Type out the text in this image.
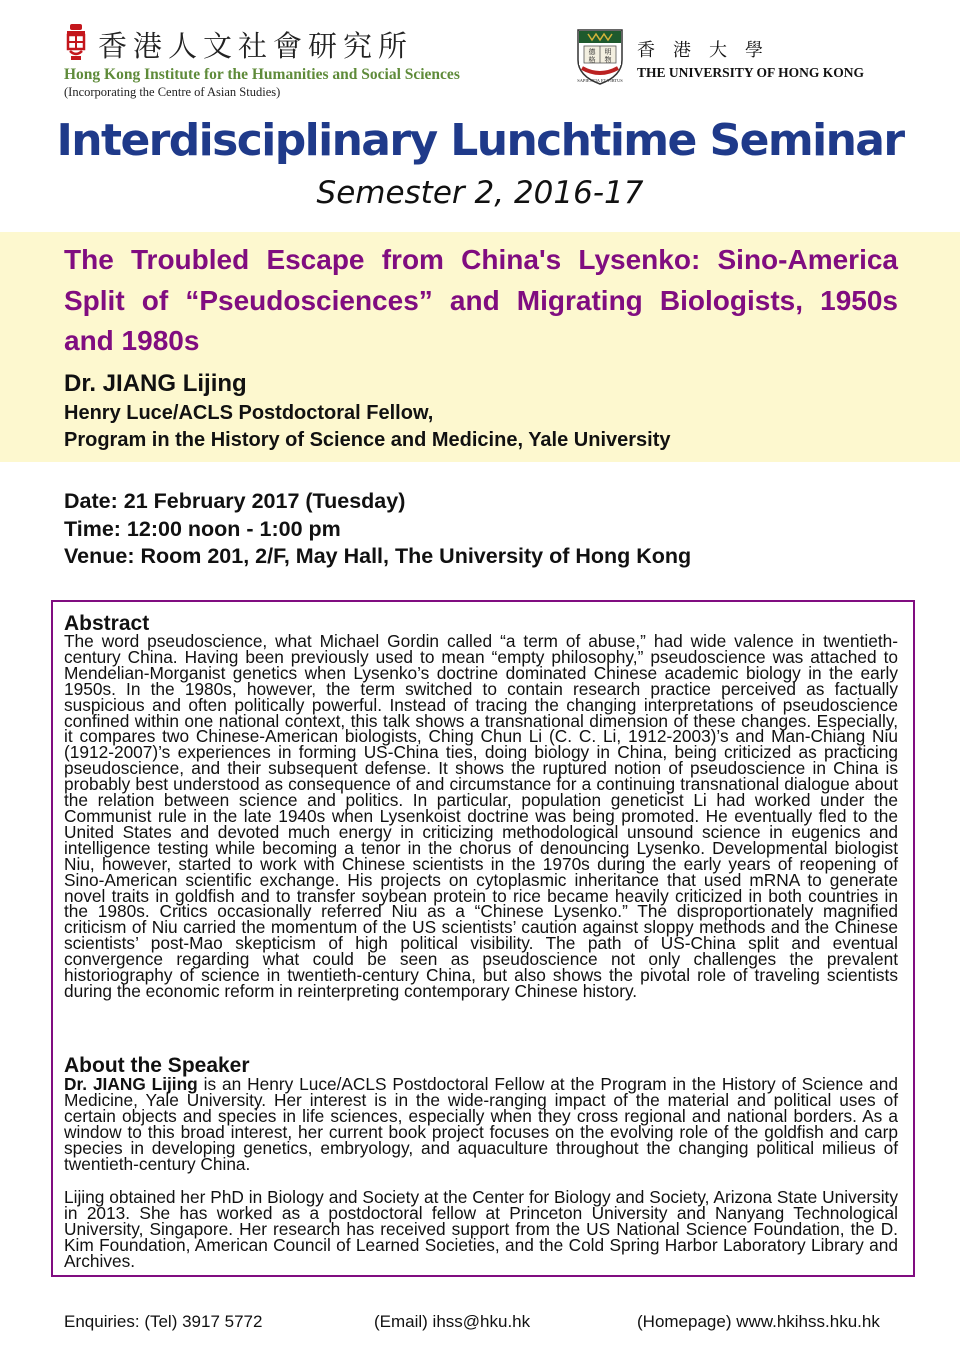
香港人文社會研究所
Hong Kong Institute for the Humanities and Social Sciences
(Incorporating the Centre of Asian Studies)
德 明
格 物
SAPIENTIA ET VIRTUS
香港大學
THE UNIVERSITY OF HONG KONG
Interdisciplinary Lunchtime Seminar
Semester 2, 2016-17
The Troubled Escape from China's Lysenko: Sino-America Split of “Pseudosciences” and Migrating Biologists, 1950s and 1980s
Dr. JIANG Lijing
Henry Luce/ACLS Postdoctoral Fellow,
Program in the History of Science and Medicine, Yale University
Date: 21 February 2017 (Tuesday)
Time: 12:00 noon - 1:00 pm
Venue: Room 201, 2/F, May Hall, The University of Hong Kong
Abstract
The word pseudoscience, what Michael Gordin called “a term of abuse,” had wide valence in twentieth-century China. Having been previously used to mean “empty philosophy,” pseudoscience was attached to Mendelian-Morganist genetics when Lysenko’s doctrine dominated Chinese academic biology in the early 1950s. In the 1980s, however, the term switched to contain research practice perceived as factually suspicious and often politically powerful. Instead of tracing the changing interpretations of pseudoscience confined within one national context, this talk shows a transnational dimension of these changes. Especially, it compares two Chinese-American biologists, Ching Chun Li (C. C. Li, 1912-2003)’s and Man-Chiang Niu (1912-2007)’s experiences in forming US-China ties, doing biology in China, being criticized as practicing pseudoscience, and their subsequent defense. It shows the ruptured notion of pseudoscience in China is probably best understood as consequence of and circumstance for a continuing transnational dialogue about the relation between science and politics. In particular, population geneticist Li had worked under the Communist rule in the late 1940s when Lysenkoist doctrine was being promoted. He eventually fled to the United States and devoted much energy in criticizing methodological unsound science in eugenics and intelligence testing while becoming a tenor in the chorus of denouncing Lysenko. Developmental biologist Niu, however, started to work with Chinese scientists in the 1970s during the early years of reopening of Sino-American scientific exchange. His projects on cytoplasmic inheritance that used mRNA to generate novel traits in goldfish and to transfer soybean protein to rice became heavily criticized in both countries in the 1980s. Critics occasionally referred Niu as a “Chinese Lysenko.” The disproportionately magnified criticism of Niu carried the momentum of the US scientists’ caution against sloppy methods and the Chinese scientists’ post-Mao skepticism of high political visibility. The path of US-China split and eventual convergence regarding what could be seen as pseudoscience not only challenges the prevalent historiography of science in twentieth-century China, but also shows the pivotal role of traveling scientists during the economic reform in reinterpreting contemporary Chinese history.
About the Speaker
Dr. JIANG Lijing is an Henry Luce/ACLS Postdoctoral Fellow at the Program in the History of Science and Medicine, Yale University. Her interest is in the wide-ranging impact of the material and political uses of certain objects and species in life sciences, especially when they cross regional and national borders. As a window to this broad interest, her current book project focuses on the evolving role of the goldfish and carp species in developing genetics, embryology, and aquaculture throughout the changing political milieus of twentieth-century China.
Lijing obtained her PhD in Biology and Society at the Center for Biology and Society, Arizona State University in 2013. She has worked as a postdoctoral fellow at Princeton University and Nanyang Technological University, Singapore. Her research has received support from the US National Science Foundation, the D. Kim Foundation, American Council of Learned Societies, and the Cold Spring Harbor Laboratory Library and Archives.
Enquiries: (Tel) 3917 5772	(Email) ihss@hku.hk	(Homepage) www.hkihss.hku.hk
